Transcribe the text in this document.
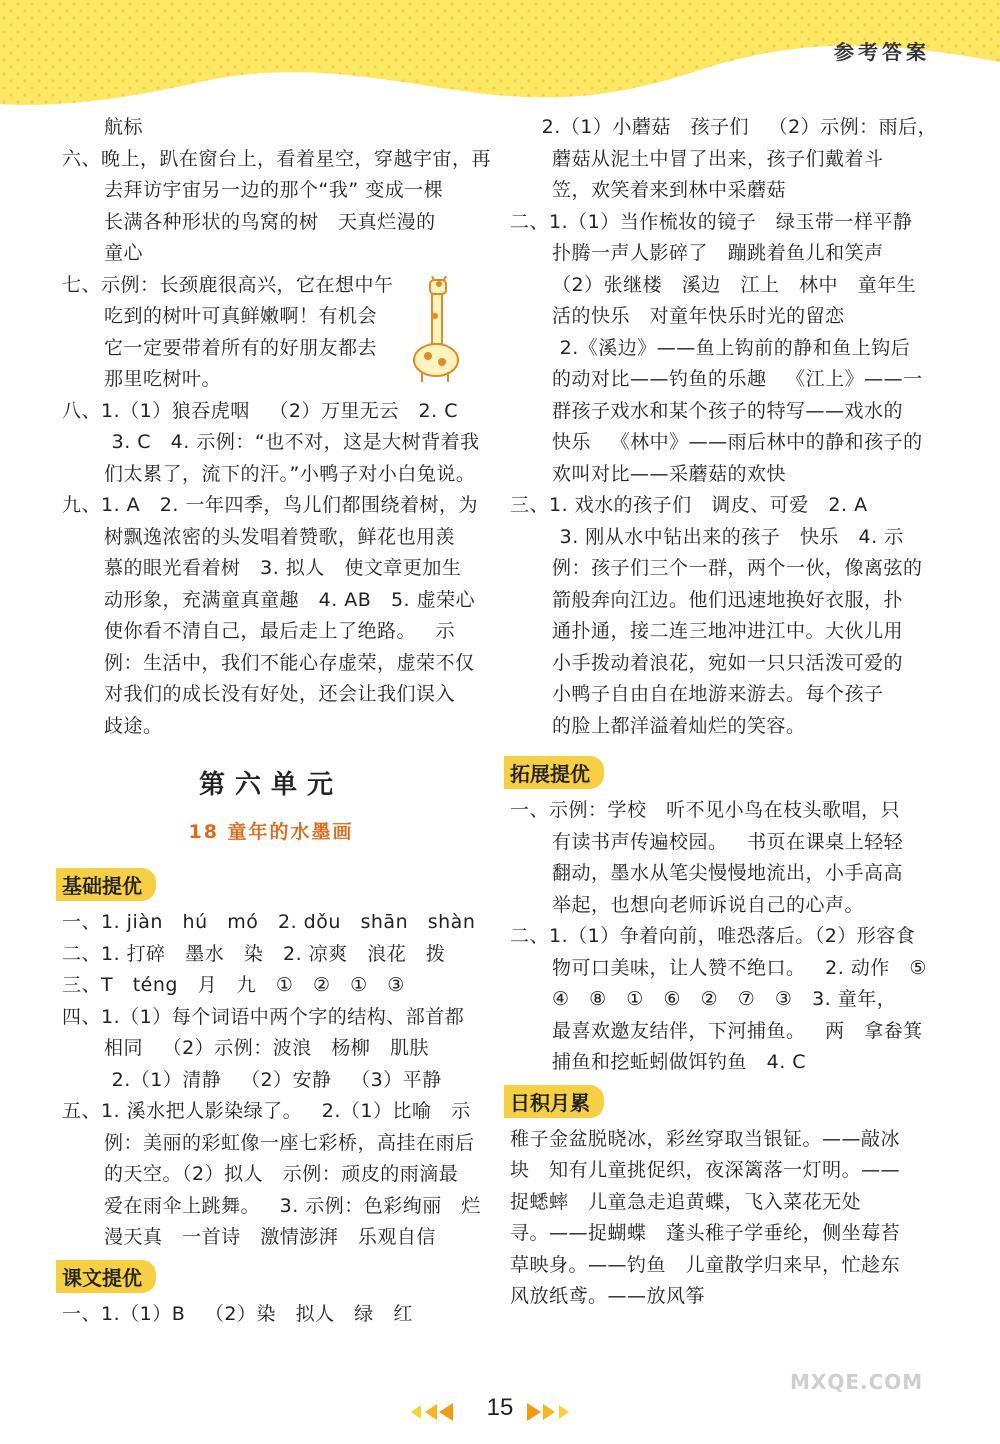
参考答案
航标
六、晚上，趴在窗台上，看着星空，穿越宇宙，再
去拜访宇宙另一边的那个“我” 变成一棵
长满各种形状的鸟窝的树   天真烂漫的
童心
七、示例：长颈鹿很高兴，它在想中午
吃到的树叶可真鲜嫩啊！有机会
它一定要带着所有的好朋友都去
那里吃树叶。
八、1.（1）狼吞虎咽   （2）万里无云   2. C
3. C   4. 示例：“也不对，这是大树背着我
们太累了，流下的汗。”小鸭子对小白兔说。
九、1. A   2. 一年四季，鸟儿们都围绕着树，为
树飘逸浓密的头发唱着赞歌，鲜花也用羡
慕的眼光看着树   3. 拟人   使文章更加生
动形象，充满童真童趣   4. AB   5. 虚荣心
使你看不清自己，最后走上了绝路。   示
例：生活中，我们不能心存虚荣，虚荣不仅
对我们的成长没有好处，还会让我们误入
歧途。
第六单元
18 童年的水墨画
基础提优
一、1. jiàn   hú   mó   2. dǒu   shān   shàn
二、1. 打碎   墨水   染   2. 凉爽   浪花   拨
三、T   téng   月   九   ①   ②   ①   ③
四、1.（1）每个词语中两个字的结构、部首都
相同   （2）示例：波浪   杨柳   肌肤
2.（1）清静   （2）安静   （3）平静
五、1. 溪水把人影染绿了。   2.（1）比喻   示
例：美丽的彩虹像一座七彩桥，高挂在雨后
的天空。（2）拟人   示例：顽皮的雨滴最
爱在雨伞上跳舞。   3. 示例：色彩绚丽   烂
漫天真   一首诗   激情澎湃   乐观自信
课文提优
一、1.（1）B   （2）染   拟人   绿   红
2.（1）小蘑菇   孩子们   （2）示例：雨后，
蘑菇从泥土中冒了出来，孩子们戴着斗
笠，欢笑着来到林中采蘑菇
二、1.（1）当作梳妆的镜子   绿玉带一样平静
扑腾一声人影碎了   蹦跳着鱼儿和笑声
（2）张继楼   溪边   江上   林中   童年生
活的快乐   对童年快乐时光的留恋
2.《溪边》——鱼上钩前的静和鱼上钩后
的动对比——钓鱼的乐趣   《江上》——一
群孩子戏水和某个孩子的特写——戏水的
快乐   《林中》——雨后林中的静和孩子的
欢叫对比——采蘑菇的欢快
三、1. 戏水的孩子们   调皮、可爱   2. A
3. 刚从水中钻出来的孩子   快乐   4. 示
例：孩子们三个一群，两个一伙，像离弦的
箭般奔向江边。他们迅速地换好衣服，扑
通扑通，接二连三地冲进江中。大伙儿用
小手拨动着浪花，宛如一只只活泼可爱的
小鸭子自由自在地游来游去。每个孩子
的脸上都洋溢着灿烂的笑容。
拓展提优
一、示例：学校   听不见小鸟在枝头歌唱，只
有读书声传遍校园。   书页在课桌上轻轻
翻动，墨水从笔尖慢慢地流出，小手高高
举起，也想向老师诉说自己的心声。
二、1.（1）争着向前，唯恐落后。（2）形容食
物可口美味，让人赞不绝口。   2. 动作   ⑤
④   ⑧   ①   ⑥   ②   ⑦   ③   3. 童年，
最喜欢邀友结伴，下河捕鱼。   两   拿畚箕
捕鱼和挖蚯蚓做饵钓鱼   4. C
日积月累
稚子金盆脱晓冰，彩丝穿取当银钲。——敲冰
块   知有儿童挑促织，夜深篱落一灯明。——
捉蟋蟀   儿童急走追黄蝶，飞入菜花无处
寻。——捉蝴蝶   蓬头稚子学垂纶，侧坐莓苔
草映身。——钓鱼   儿童散学归来早，忙趁东
风放纸鸢。——放风筝
15
MXQE.COM
